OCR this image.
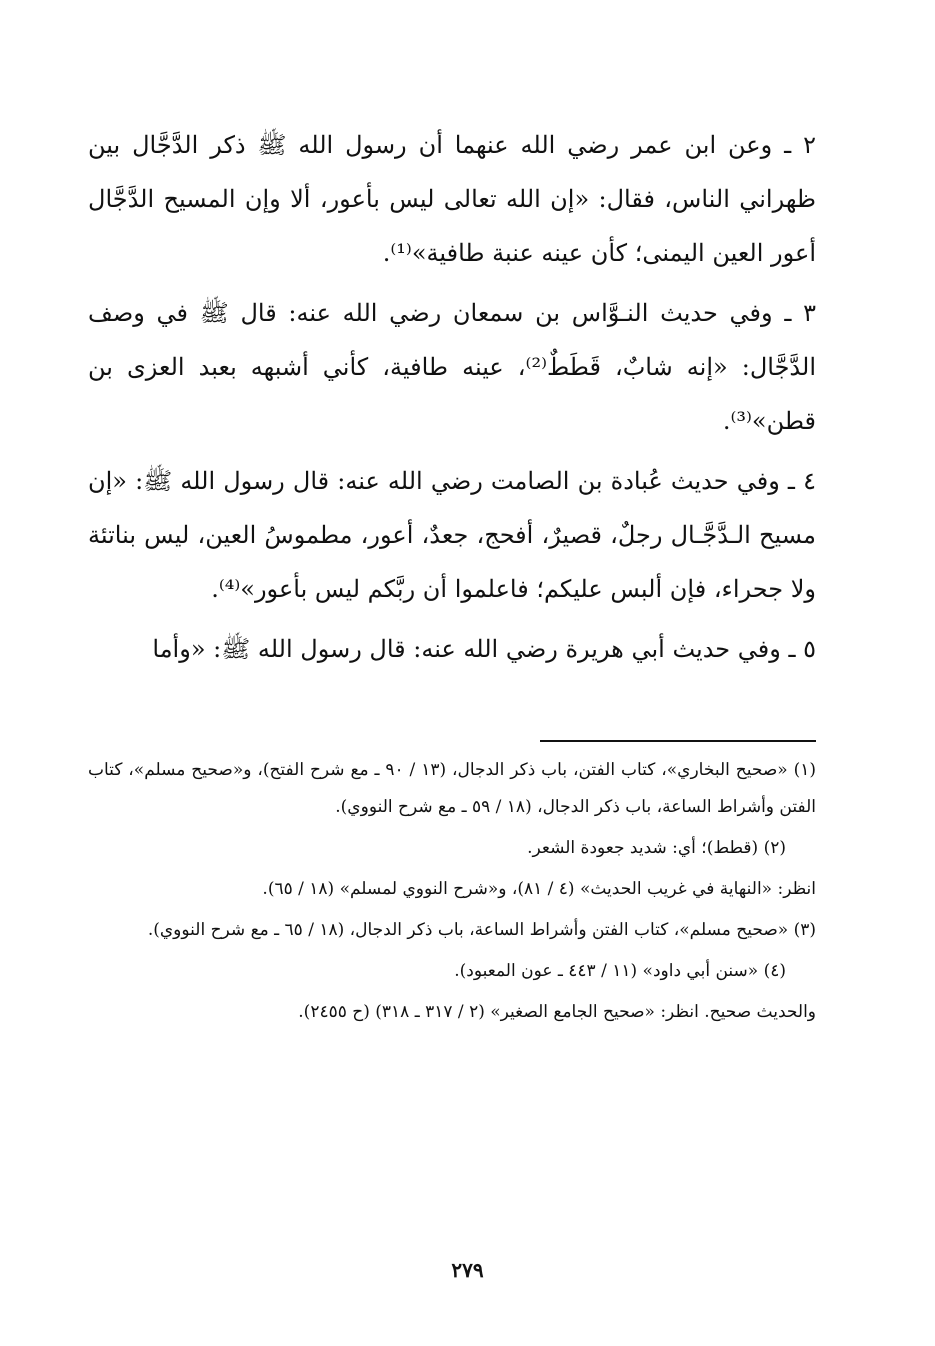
٢ ـ وعن ابن عمر رضي الله عنهما أن رسول الله ﷺ ذكر الدَّجَّال بين ظهراني الناس، فقال: «إن الله تعالى ليس بأعور، ألا وإن المسيح الدَّجَّال أعور العين اليمنى؛ كأن عينه عنبة طافية»⁽¹⁾.

٣ ـ وفي حديث النـوَّاس بن سمعان رضي الله عنه: قال ﷺ في وصف الدَّجَّال: «إنه شابٌ، قَطَطٌ⁽²⁾، عينه طافية، كأني أشبهه بعبد العزى بن قطن»⁽³⁾.

٤ ـ وفي حديث عُبادة بن الصامت رضي الله عنه: قال رسول الله ﷺ: «إن مسيح الـدَّجَّـال رجلٌ، قصيرٌ، أفحج، جعدٌ، أعور، مطموسُ العين، ليس بناتئة ولا جحراء، فإن ألبس عليكم؛ فاعلموا أن ربَّكم ليس بأعور»⁽⁴⁾.

٥ ـ وفي حديث أبي هريرة رضي الله عنه: قال رسول الله ﷺ: «وأما

(١) «صحيح البخاري»، كتاب الفتن، باب ذكر الدجال، (١٣ / ٩٠ ـ مع شرح الفتح)، و«صحيح مسلم»، كتاب الفتن وأشراط الساعة، باب ذكر الدجال، (١٨ / ٥٩ ـ مع شرح النووي).

(٢) (قطط)؛ أي: شديد جعودة الشعر.

انظر: «النهاية في غريب الحديث» (٤ / ٨١)، و«شرح النووي لمسلم» (١٨ / ٦٥).

(٣) «صحيح مسلم»، كتاب الفتن وأشراط الساعة، باب ذكر الدجال، (١٨ / ٦٥ ـ مع شرح النووي).

(٤) «سنن أبي داود» (١١ / ٤٤٣ ـ عون المعبود).

والحديث صحيح. انظر: «صحيح الجامع الصغير» (٢ / ٣١٧ ـ ٣١٨) (ح ٢٤٥٥).

٢٧٩
